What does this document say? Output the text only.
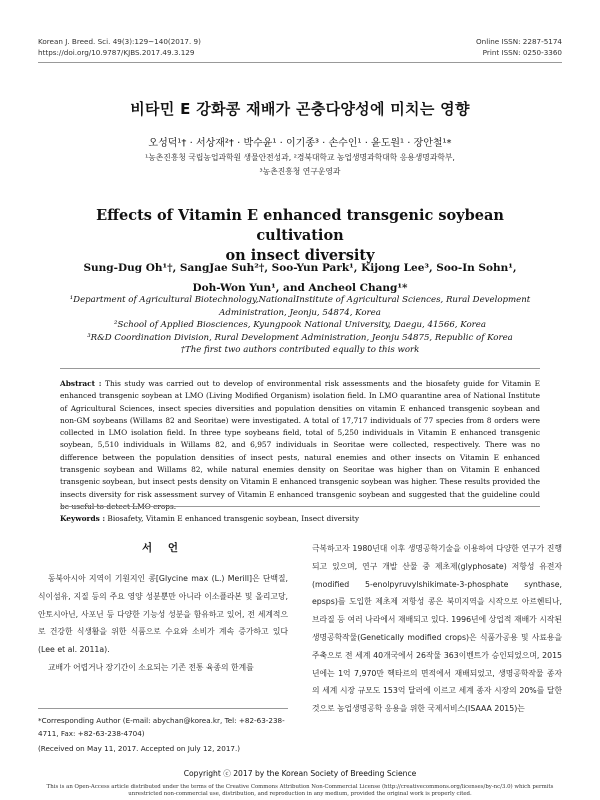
Korean J. Breed. Sci. 49(3):129~140(2017. 9)
https://doi.org/10.9787/KJBS.2017.49.3.129
Online ISSN: 2287-5174
Print ISSN: 0250-3360
비타민 E 강화콩 재배가 곤충다양성에 미치는 영향
오성덕¹† · 서상재²† · 박수윤¹ · 이기종³ · 손수인¹ · 윤도원¹ · 장안철¹*
¹농촌진흥청 국립농업과학원 생물안전성과, ²경북대학교 농업생명과학대학 응용생명과학부,
³농촌진흥청 연구운영과
Effects of Vitamin E enhanced transgenic soybean cultivation
on insect diversity
Sung-Dug Oh¹†, SangJae Suh²†, Soo-Yun Park¹, Kijong Lee³, Soo-In Sohn¹,
Doh-Won Yun¹, and Ancheol Chang¹*
¹Department of Agricultural Biotechnology,NationalInstitute of Agricultural Sciences, Rural Development Administration, Jeonju, 54874, Korea
²School of Applied Biosciences, Kyungpook National University, Daegu, 41566, Korea
³R&D Coordination Division, Rural Development Administration, Jeonju 54875, Republic of Korea
†The first two authors contributed equally to this work
Abstract : This study was carried out to develop of environmental risk assessments and the biosafety guide for Vitamin E enhanced transgenic soybean at LMO (Living Modified Organism) isolation field. In LMO quarantine area of National Institute of Agricultural Sciences, insect species diversities and population densities on vitamin E enhanced transgenic soybean and non-GM soybeans (Willams 82 and Seoritae) were investigated. A total of 17,717 individuals of 77 species from 8 orders were collected in LMO isolation field. In three type soybeans field, total of 5,250 individuals in Vitamin E enhanced transgenic soybean, 5,510 individuals in Willams 82, and 6,957 individuals in Seoritae were collected, respectively. There was no difference between the population densities of insect pests, natural enemies and other insects on Vitamin E enhanced transgenic soybean and Willams 82, while natural enemies density on Seoritae was higher than on Vitamin E enhanced transgenic soybean, but insect pests density on Vitamin E enhanced transgenic soybean was higher. These results provided the insects diversity for risk assessment survey of Vitamin E enhanced transgenic soybean and suggested that the guideline could be useful to detect LMO crops.
Keywords : Biosafety, Vitamin E enhanced transgenic soybean, Insect diversity
서 언
동북아시아 지역이 기원지인 콩[Glycine max (L.) Merill]은 단백질, 식이섬유, 지질 등의 주요 영양 성분뿐만 아니라 이소플라본 및 올리고당, 안토시아닌, 사포닌 등 다양한 기능성 성분을 함유하고 있어, 전 세계적으로 건강한 식생활을 위한 식품으로 수요와 소비가 계속 증가하고 있다(Lee et al. 2011a).
교배가 어렵거나 장기간이 소요되는 기존 전통 육종의 한계를
극복하고자 1980년대 이후 생명공학기술을 이용하여 다양한 연구가 진행되고 있으며, 연구 개발 산물 중 제초제(glyphosate) 저항성 유전자(modified 5-enolpyruvylshikimate-3-phosphate synthase, epsps)를 도입한 제초제 저항성 콩은 북미지역을 시작으로 아르헨티나, 브라질 등 여러 나라에서 재배되고 있다. 1996년에 상업적 재배가 시작된 생명공학작물(Genetically modified crops)은 식품가공용 및 사료용을 주축으로 전 세계 40개국에서 26작물 363이벤트가 승인되었으며, 2015년에는 1억 7,970만 헥타르의 면적에서 재배되었고, 생명공학작물 종자의 세계 시장 규모도 153억 달러에 이르고 세계 종자 시장의 20%를 달한 것으로 농업생명공학 응용을 위한 국제서비스(ISAAA 2015)는
*Corresponding Author (E-mail: abychan@korea.kr, Tel: +82-63-238-4711, Fax: +82-63-238-4704)
(Received on May 11, 2017. Accepted on July 12, 2017.)
Copyright ⓒ 2017 by the Korean Society of Breeding Science
This is an Open-Access article distributed under the terms of the Creative Commons Attribution Non-Commercial License (http://creativecommons.org/licenses/by-nc/3.0) which permits unrestricted non-commercial use, distribution, and reproduction in any medium, provided the original work is properly cited.
